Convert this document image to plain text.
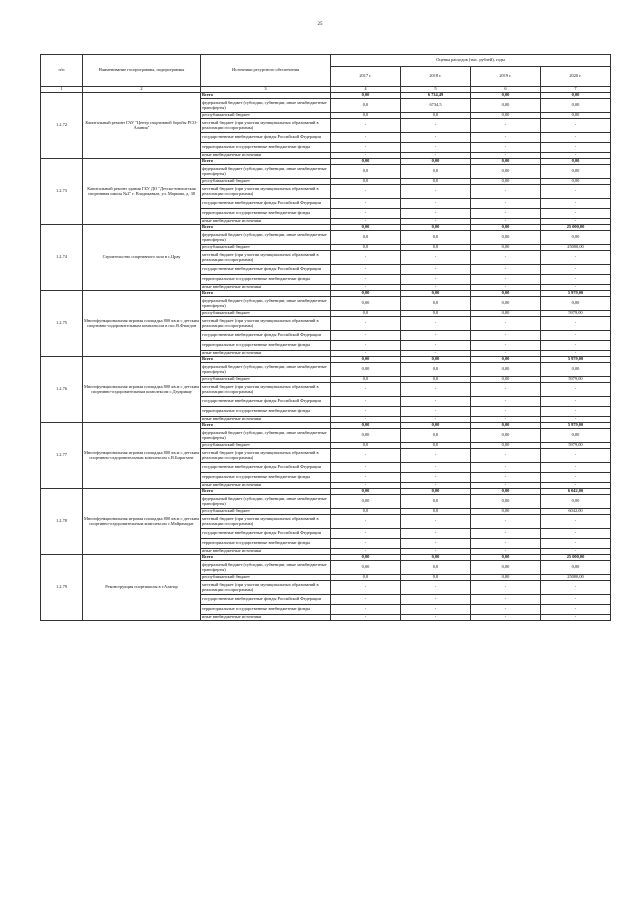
25
п/п	Наименование госпрограммы, подпрограммы	Источники ресурсного обеспечения	Оценка расходов (тыс. рублей), годы			
			2017 г.	2018 г.	2019 г.	2020 г.
1	2	3	4	5	6	7
1.2.72	Капитальный ремонт ГАУ "Центр спортивной борьбы РСО-Алания"	Всего	0,00	6 734,49	0,00	0,00
		федеральный бюджет (субсидии, субвенции, иные межбюджетные трансферты)	0,0	6734,5	0,00	0,00
		республиканский бюджет	0,0	0,0	0,00	0,00
		местный бюджет (при участии муниципальных образований в реализации госпрограммы)	-	-	-	-
		государственные внебюджетные фонды Российской Федерации	-	-	-	-
		территориальные государственные внебюджетные фонды	-	-	-	-
		иные внебюджетные источники	-	-	-	-
1.2.73	Капитальный ремонт здания ГБУ ДО "Детско-юношеская спортивная школа №2" г. Владикавказ, ул. Маркова, д. 38	Всего	0,00	0,00	0,00	0,00
		федеральный бюджет (субсидии, субвенции, иные межбюджетные трансферты)	0,0	0,0	0,00	0,00
		республиканский бюджет	0,0	0,0	0,00	0,00
		местный бюджет (при участии муниципальных образований в реализации госпрограммы)	-	-	-	-
		государственные внебюджетные фонды Российской Федерации	-	-	-	-
		территориальные государственные внебюджетные фонды	-	-	-	-
		иные внебюджетные источники	-	-	-	-
1.2.74	Строительство спортивного зала в с.Црау	Всего	0,00	0,00	0,00	25 000,00
		федеральный бюджет (субсидии, субвенции, иные межбюджетные трансферты)	0,0	0,0	0,00	0,00
		республиканский бюджет	0,0	0,0	0,00	25000,00
		местный бюджет (при участии муниципальных образований в реализации госпрограммы)	-	-	-	-
		государственные внебюджетные фонды Российской Федерации	-	-	-	-
		территориальные государственные внебюджетные фонды	-	-	-	-
		иные внебюджетные источники	-	-	-	-
1.2.75	Многофункциональная игровая площадка 800 кв.м с детским спортивно-оздоровительным комплексом в пос.В.Фиагдон	Всего	0,00	0,00	0,00	5 979,00
		федеральный бюджет (субсидии, субвенции, иные межбюджетные трансферты)	0,00	0,0	0,00	0,00
		республиканский бюджет	0,0	0,0	0,00	5979,00
		местный бюджет (при участии муниципальных образований в реализации госпрограммы)	-	-	-	-
		государственные внебюджетные фонды Российской Федерации	-	-	-	-
		территориальные государственные внебюджетные фонды	-	-	-	-
		иные внебюджетные источники	-	-	-	-
1.2.76	Многофункциональная игровая площадка 800 кв.м с детским спортивно-оздоровительным комплексом с.Дзуарикау	Всего	0,00	0,00	0,00	5 979,00
		федеральный бюджет (субсидии, субвенции, иные межбюджетные трансферты)	0,00	0,0	0,00	0,00
		республиканский бюджет	0,0	0,0	0,00	5979,00
		местный бюджет (при участии муниципальных образований в реализации госпрограммы)	-	-	-	-
		государственные внебюджетные фонды Российской Федерации	-	-	-	-
		территориальные государственные внебюджетные фонды	-	-	-	-
		иные внебюджетные источники	-	-	-	-
1.2.77	Многофункциональная игровая площадка 800 кв.м с детским спортивно-оздоровительным комплексом с.В.Бирагзанг	Всего	0,00	0,00	0,00	5 979,00
		федеральный бюджет (субсидии, субвенции, иные межбюджетные трансферты)	0,00	0,0	0,00	0,00
		республиканский бюджет	0,0	0,0	0,00	5979,00
		местный бюджет (при участии муниципальных образований в реализации госпрограммы)	-	-	-	-
		государственные внебюджетные фонды Российской Федерации	-	-	-	-
		территориальные государственные внебюджетные фонды	-	-	-	-
		иные внебюджетные источники	-	-	-	-
1.2.78	Многофункциональная игровая площадка 800 кв.м с детским спортивно-оздоровительным комплексом с.Майрамадаг	Всего	0,00	0,00	0,00	6 042,00
		федеральный бюджет (субсидии, субвенции, иные межбюджетные трансферты)	0,00	0,0	0,00	0,00
		республиканский бюджет	0,0	0,0	0,00	6042,00
		местный бюджет (при участии муниципальных образований в реализации госпрограммы)	-	-	-	-
		государственные внебюджетные фонды Российской Федерации	-	-	-	-
		территориальные государственные внебюджетные фонды	-	-	-	-
		иные внебюджетные источники	-	-	-	-
1.2.79	Реконструкция спортшколы в г.Алагир	Всего	0,00	0,00	0,00	25 000,00
		федеральный бюджет (субсидии, субвенции, иные межбюджетные трансферты)	0,00	0,0	0,00	0,00
		республиканский бюджет	0,0	0,0	0,00	25000,00
		местный бюджет (при участии муниципальных образований в реализации госпрограммы)	-	-	-	-
		государственные внебюджетные фонды Российской Федерации	-	-	-	-
		территориальные государственные внебюджетные фонды	-	-	-	-
		иные внебюджетные источники	-	-	-	-
